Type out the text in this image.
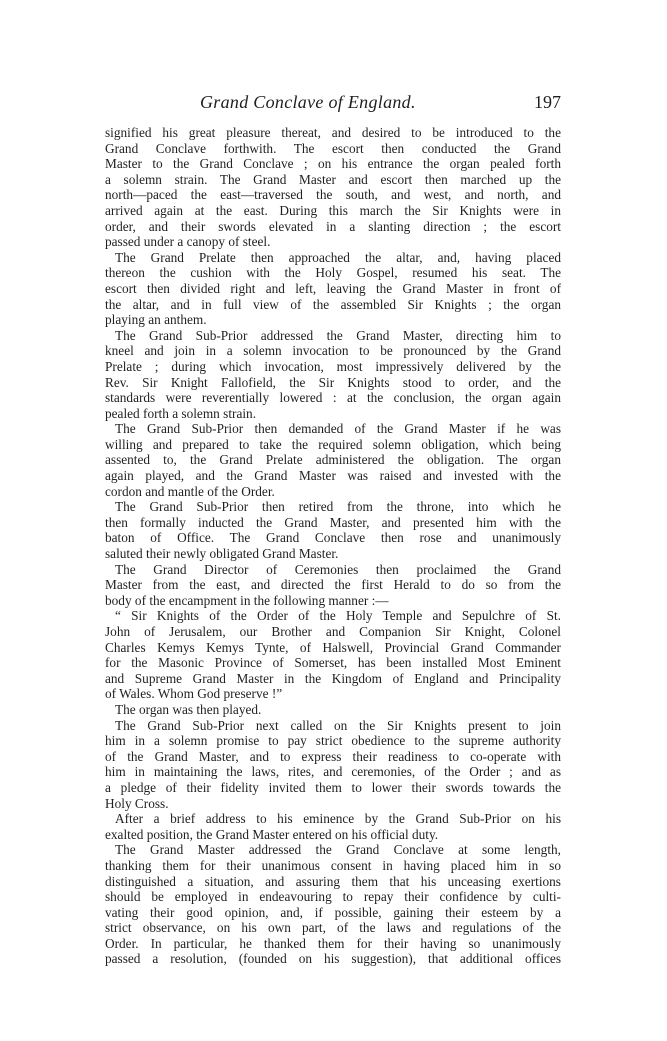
Grand Conclave of England.	197
signified his great pleasure thereat, and desired to be introduced to the
Grand Conclave forthwith. The escort then conducted the Grand
Master to the Grand Conclave ; on his entrance the organ pealed forth
a solemn strain. The Grand Master and escort then marched up the
north—paced the east—traversed the south, and west, and north, and
arrived again at the east. During this march the Sir Knights were in
order, and their swords elevated in a slanting direction ; the escort
passed under a canopy of steel.
The Grand Prelate then approached the altar, and, having placed
thereon the cushion with the Holy Gospel, resumed his seat. The
escort then divided right and left, leaving the Grand Master in front of
the altar, and in full view of the assembled Sir Knights ; the organ
playing an anthem.
The Grand Sub-Prior addressed the Grand Master, directing him to
kneel and join in a solemn invocation to be pronounced by the Grand
Prelate ; during which invocation, most impressively delivered by the
Rev. Sir Knight Fallofield, the Sir Knights stood to order, and the
standards were reverentially lowered : at the conclusion, the organ again
pealed forth a solemn strain.
The Grand Sub-Prior then demanded of the Grand Master if he was
willing and prepared to take the required solemn obligation, which being
assented to, the Grand Prelate administered the obligation. The organ
again played, and the Grand Master was raised and invested with the
cordon and mantle of the Order.
The Grand Sub-Prior then retired from the throne, into which he
then formally inducted the Grand Master, and presented him with the
baton of Office. The Grand Conclave then rose and unanimously
saluted their newly obligated Grand Master.
The Grand Director of Ceremonies then proclaimed the Grand
Master from the east, and directed the first Herald to do so from the
body of the encampment in the following manner :—
“ Sir Knights of the Order of the Holy Temple and Sepulchre of St.
John of Jerusalem, our Brother and Companion Sir Knight, Colonel
Charles Kemys Kemys Tynte, of Halswell, Provincial Grand Commander
for the Masonic Province of Somerset, has been installed Most Eminent
and Supreme Grand Master in the Kingdom of England and Principality
of Wales. Whom God preserve !”
The organ was then played.
The Grand Sub-Prior next called on the Sir Knights present to join
him in a solemn promise to pay strict obedience to the supreme authority
of the Grand Master, and to express their readiness to co-operate with
him in maintaining the laws, rites, and ceremonies, of the Order ; and as
a pledge of their fidelity invited them to lower their swords towards the
Holy Cross.
After a brief address to his eminence by the Grand Sub-Prior on his
exalted position, the Grand Master entered on his official duty.
The Grand Master addressed the Grand Conclave at some length,
thanking them for their unanimous consent in having placed him in so
distinguished a situation, and assuring them that his unceasing exertions
should be employed in endeavouring to repay their confidence by culti-
vating their good opinion, and, if possible, gaining their esteem by a
strict observance, on his own part, of the laws and regulations of the
Order. In particular, he thanked them for their having so unanimously
passed a resolution, (founded on his suggestion), that additional offices
